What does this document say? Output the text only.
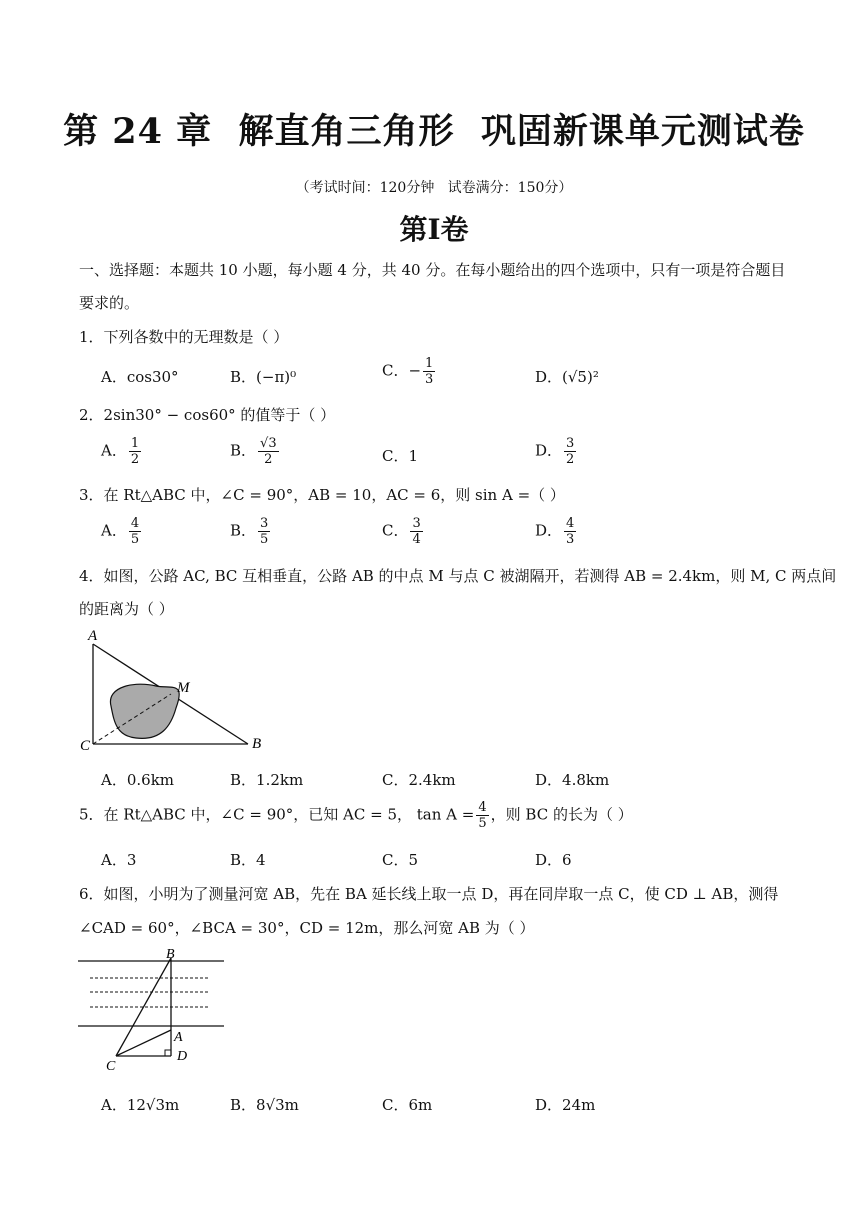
第 24 章  解直角三角形  巩固新课单元测试卷
（考试时间：120分钟   试卷满分：150分）
第Ⅰ卷
一、选择题：本题共 10 小题，每小题 4 分，共 40 分。在每小题给出的四个选项中，只有一项是符合题目
要求的。
1．下列各数中的无理数是（ ）
A．cos30°	B．(−π)⁰	C．− $\frac{1}{3}$	D．(√5)²
2．2sin30° − cos60° 的值等于（ ）
A． $\frac{1}{2}$	B． $\frac{√3}{2}$	C．1	D． $\frac{3}{2}$
3．在 Rt△ABC 中，∠C = 90°，AB = 10，AC = 6，则 sin A =（ ）
A． $\frac{4}{5}$	B． $\frac{3}{5}$	C． $\frac{3}{4}$	D． $\frac{4}{3}$
4．如图，公路 AC, BC 互相垂直，公路 AB 的中点 M 与点 C 被湖隔开，若测得 AB = 2.4km，则 M, C 两点间
的距离为（ ）
A
C	B
M
A．0.6km	B．1.2km	C．2.4km	D．4.8km
5．在 Rt△ABC 中，∠C = 90°，已知 AC = 5， $\tan A = \frac{4}{5}$ ，则 BC 的长为（ ）
A．3	B．4	C．5	D．6
6．如图，小明为了测量河宽 AB，先在 BA 延长线上取一点 D，再在同岸取一点 C，使 CD ⊥ AB，测得
∠CAD = 60°，∠BCA = 30°，CD = 12m，那么河宽 AB 为（ ）
B
A
D
C
A．12√3m	B．8√3m	C．6m	D．24m
